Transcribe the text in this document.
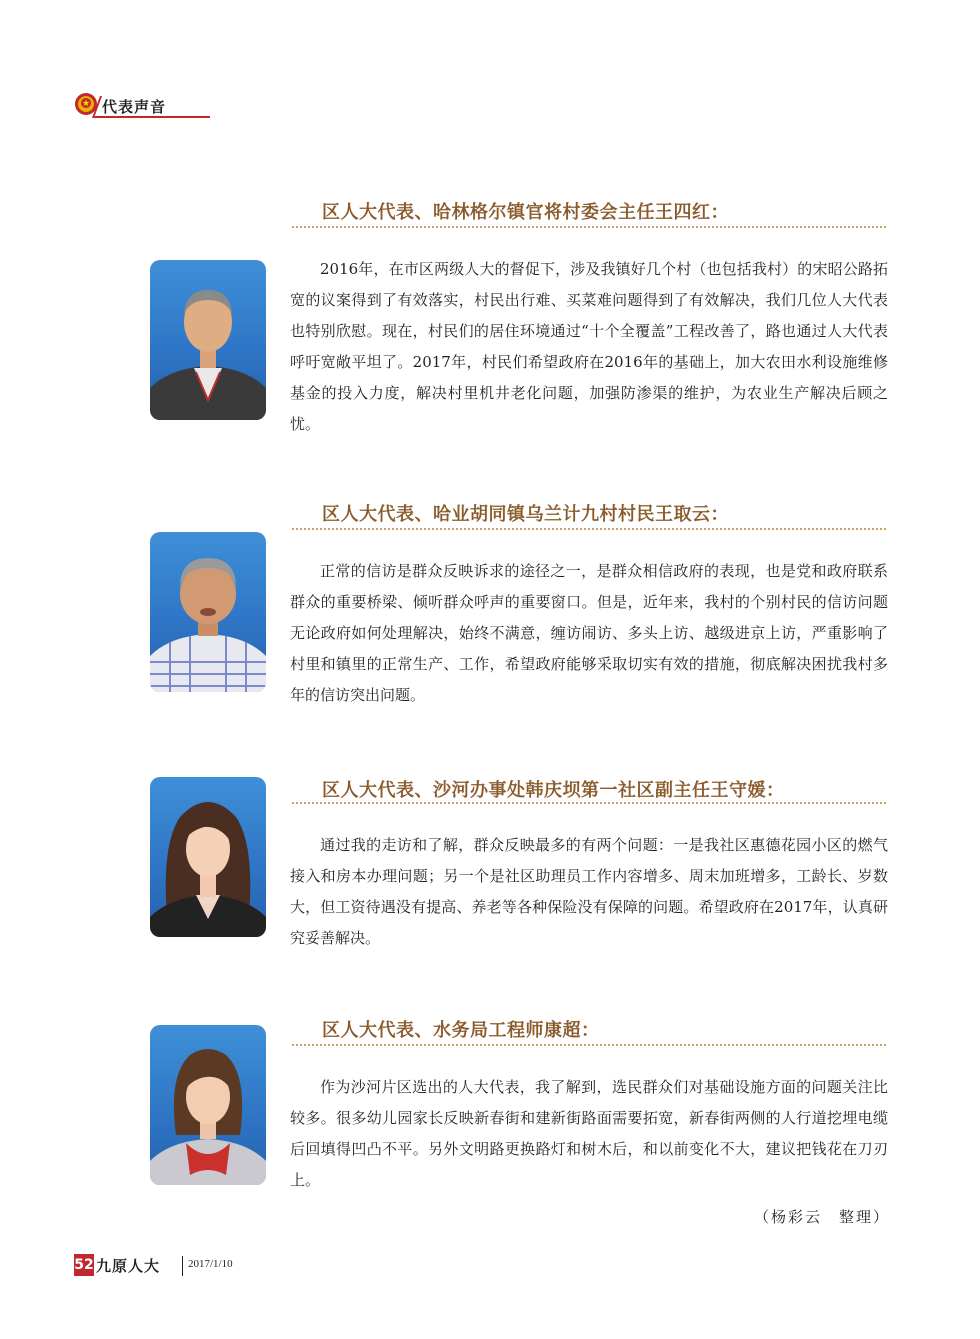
代表声音
区人大代表、哈林格尔镇官将村委会主任王四红：

2016年，在市区两级人大的督促下，涉及我镇好几个村（也包括我村）的宋昭公路拓宽的议案得到了有效落实，村民出行难、买菜难问题得到了有效解决，我们几位人大代表也特别欣慰。现在，村民们的居住环境通过“十个全覆盖”工程改善了，路也通过人大代表呼吁宽敞平坦了。2017年，村民们希望政府在2016年的基础上，加大农田水利设施维修基金的投入力度，解决村里机井老化问题，加强防渗渠的维护，为农业生产解决后顾之忧。

区人大代表、哈业胡同镇乌兰计九村村民王取云：

正常的信访是群众反映诉求的途径之一，是群众相信政府的表现，也是党和政府联系群众的重要桥梁、倾听群众呼声的重要窗口。但是，近年来，我村的个别村民的信访问题无论政府如何处理解决，始终不满意，缠访闹访、多头上访、越级进京上访，严重影响了村里和镇里的正常生产、工作，希望政府能够采取切实有效的措施，彻底解决困扰我村多年的信访突出问题。

区人大代表、沙河办事处韩庆坝第一社区副主任王守媛：

通过我的走访和了解，群众反映最多的有两个问题：一是我社区惠德花园小区的燃气接入和房本办理问题；另一个是社区助理员工作内容增多、周末加班增多，工龄长、岁数大，但工资待遇没有提高、养老等各种保险没有保障的问题。希望政府在2017年，认真研究妥善解决。

区人大代表、水务局工程师康超：

作为沙河片区选出的人大代表，我了解到，选民群众们对基础设施方面的问题关注比较多。很多幼儿园家长反映新春街和建新街路面需要拓宽，新春街两侧的人行道挖埋电缆后回填得凹凸不平。另外文明路更换路灯和树木后，和以前变化不大，建议把钱花在刀刃上。

（杨彩云　整理）
52 九原人大	2017/1/10
